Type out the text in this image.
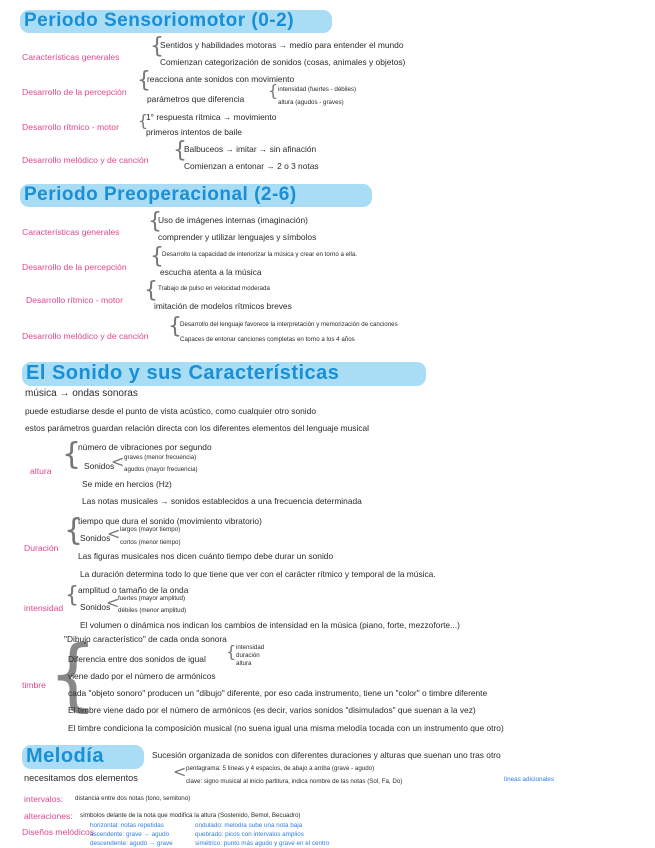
Periodo Sensoriomotor (0-2)
Características generales {
Sentidos y habilidades motoras → medio para entender el mundo
Comienzan categorización de sonidos (cosas, animales y objetos)
Desarrollo de la percepción {
reacciona ante sonidos con movimiento
parámetros que diferencia { intensidad (fuertes - débiles)
altura (agudos - graves)
Desarrollo rítmico - motor {
1° respuesta rítmica → movimiento
primeros intentos de baile
Desarrollo melódico y de canción {
Balbuceos → imitar → sin afinación
Comienzan a entonar → 2 o 3 notas
Periodo Preoperacional (2-6)
Características generales {
Uso de imágenes internas (imaginación)
comprender y utilizar lenguajes y símbolos
Desarrollo de la percepción {
Desarrollo la capacidad de interiorizar la música y crear en torno a ella.
escucha atenta a la música
Desarrollo rítmico - motor { Trabajo de pulso en velocidad moderada
imitación de modelos rítmicos breves
Desarrollo melódico y de canción {
Desarrollo del lenguaje favorece la interpretación y memorización de canciones
Capaces de entonar canciones completas en torno a los 4 años
El Sonido y sus Características
música → ondas sonoras
puede estudiarse desde el punto de vista acústico, como cualquier otro sonido
estos parámetros guardan relación directa con los diferentes elementos del lenguaje musical
altura {
número de vibraciones por segundo
Sonidos
< graves (menor frecuencia)
agudos (mayor frecuencia)
Se mide en hercios (Hz)
Las notas musicales → sonidos establecidos a una frecuencia determinada
Duración {
tiempo que dura el sonido (movimiento vibratorio)
Sonidos
< largos (mayor tiempo)
cortos (menor tiempo)
Las figuras musicales nos dicen cuánto tiempo debe durar un sonido
La duración determina todo lo que tiene que ver con el carácter rítmico y temporal de la música.
intensidad { amplitud o tamaño de la onda
Sonidos
<
fuertes (mayor amplitud)
débiles (menor amplitud)
El volumen o dinámica nos indican los cambios de intensidad en la música (piano, forte, mezzoforte...)
timbre {
"Dibujo característico" de cada onda sonora
Diferencia entre dos sonidos de igual { intensidad
duración
altura
viene dado por el número de armónicos
cada "objeto sonoro" producen un "dibujo" diferente, por eso cada instrumento, tiene un "color" o timbre diferente
El timbre viene dado por el número de armónicos (es decir, varios sonidos "disimulados" que suenan a la vez)
El timbre condiciona la composición musical (no suena igual una misma melodía tocada con un instrumento que otro)
Melodía	Sucesión organizada de sonidos con diferentes duraciones y alturas que suenan uno tras otro
necesitamos dos elementos < pentagrama: 5 líneas y 4 espacios, de abajo a arriba (grave - agudo)
líneas adicionales
clave: signo musical al inicio partitura, indica nombre de las notas (Sol, Fa, Do)
intervalos: distancia entre dos notas (tono, semitono)
alteraciones: símbolos delante de la nota que modifica la altura (Sostenido, Bemol, Becuadro)
Diseños melódicos
horizontal: notas repetidas	ondulado: melodía sube una nota baja
ascendente: grave → agudo	quebrado: picos con intervalos amplios
descendente: agudo → grave	simétrico: punto más agudo y grave en el centro
